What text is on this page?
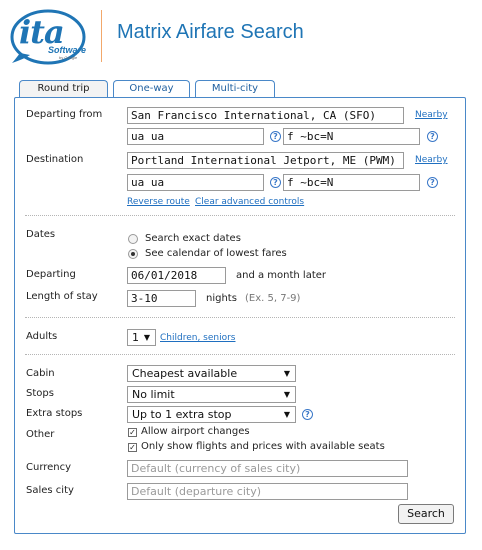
ita
Software
by Google
Matrix Airfare Search
Round trip	One-way	Multi-city
Departing from	San Francisco International, CA (SFO)	Nearby
ua ua	? f ~bc=N	?
Destination	Portland International Jetport, ME (PWM)	Nearby
ua ua	? f ~bc=N	?
Reverse route Clear advanced controls
Dates	Search exact dates
See calendar of lowest fares
Departing	06/01/2018	and a month later
Length of stay	3-10	nights (Ex. 5, 7-9)
Adults	1 ▼ Children, seniors
Cabin	Cheapest available	▼
Stops	No limit	▼
Extra stops	Up to 1 extra stop	▼	?
Other	✓ Allow airport changes
✓ Only show flights and prices with available seats
Currency	Default (currency of sales city)
Sales city	Default (departure city)
Search
